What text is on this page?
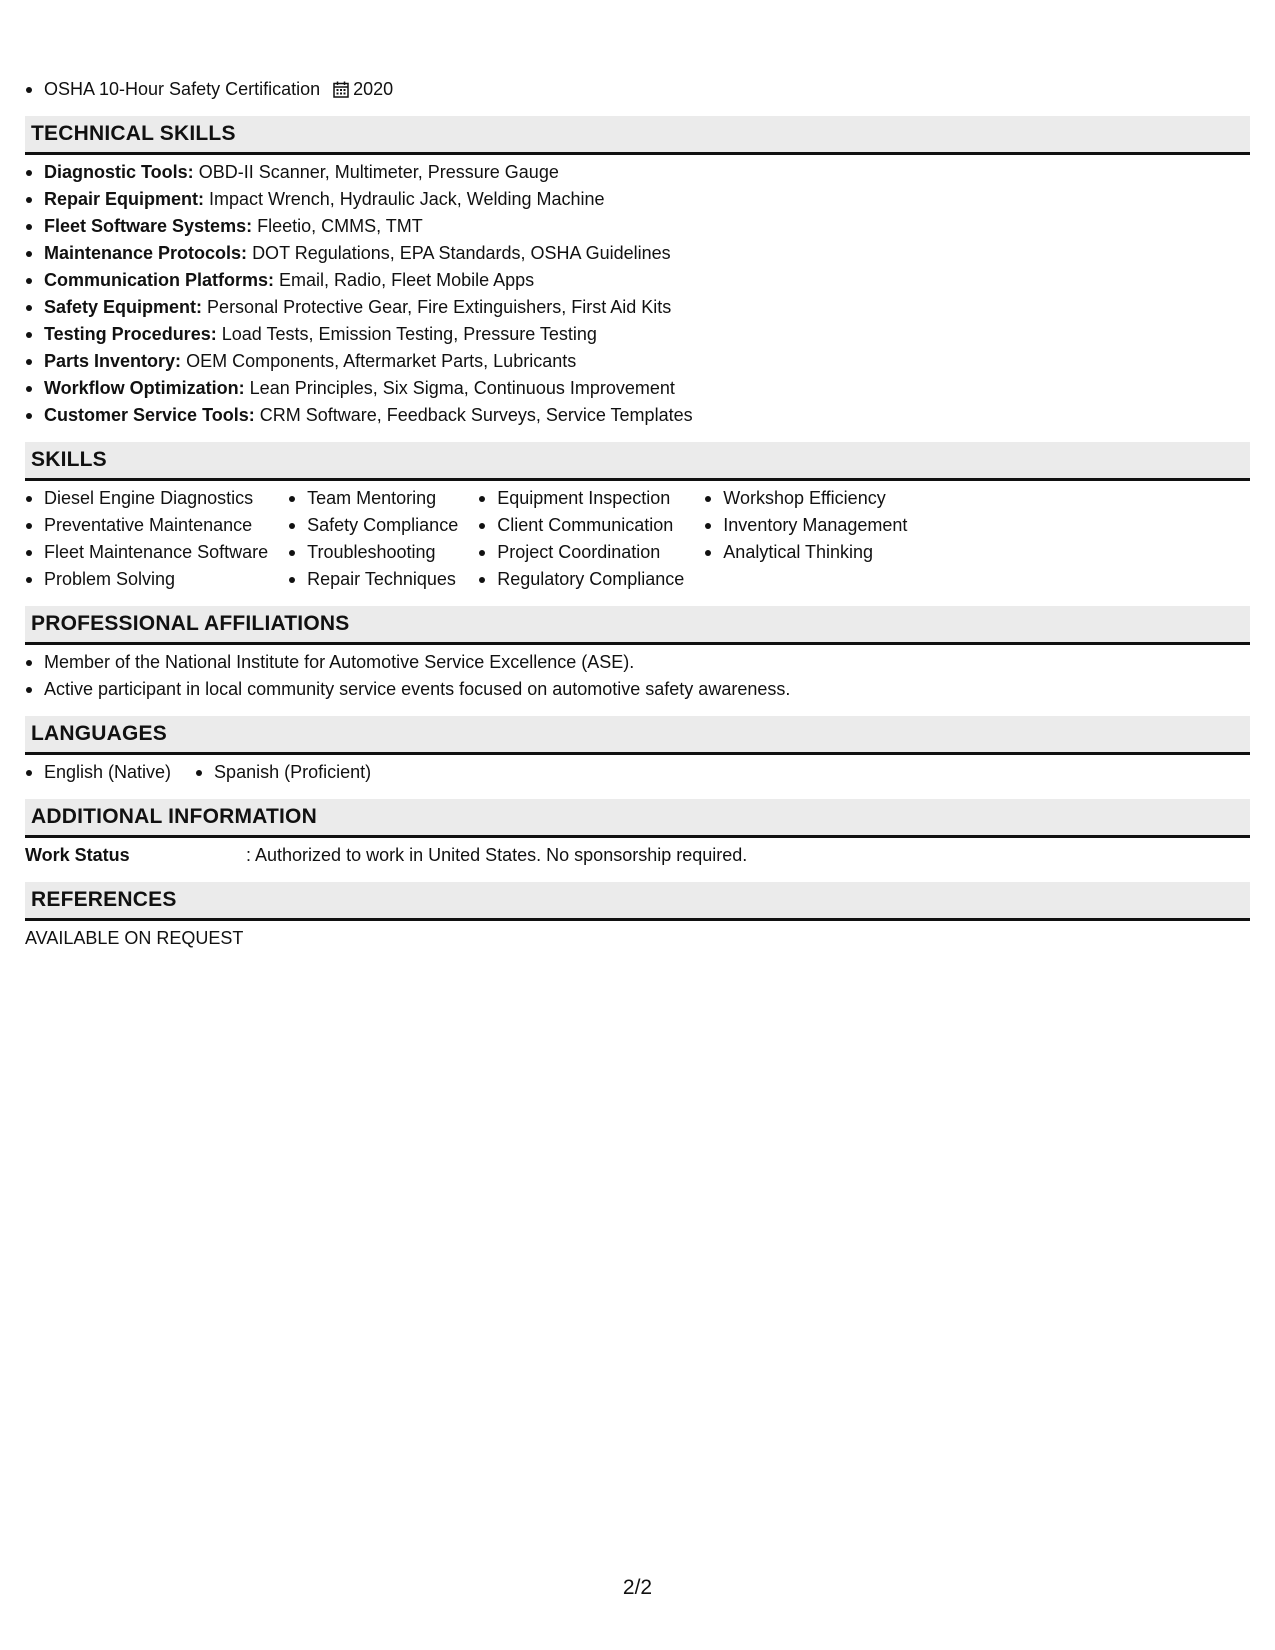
OSHA 10-Hour Safety Certification 2020
TECHNICAL SKILLS
Diagnostic Tools: OBD-II Scanner, Multimeter, Pressure Gauge
Repair Equipment: Impact Wrench, Hydraulic Jack, Welding Machine
Fleet Software Systems: Fleetio, CMMS, TMT
Maintenance Protocols: DOT Regulations, EPA Standards, OSHA Guidelines
Communication Platforms: Email, Radio, Fleet Mobile Apps
Safety Equipment: Personal Protective Gear, Fire Extinguishers, First Aid Kits
Testing Procedures: Load Tests, Emission Testing, Pressure Testing
Parts Inventory: OEM Components, Aftermarket Parts, Lubricants
Workflow Optimization: Lean Principles, Six Sigma, Continuous Improvement
Customer Service Tools: CRM Software, Feedback Surveys, Service Templates
SKILLS
Diesel Engine Diagnostics
Preventative Maintenance
Fleet Maintenance Software
Problem Solving
Team Mentoring
Safety Compliance
Troubleshooting
Repair Techniques
Equipment Inspection
Client Communication
Project Coordination
Regulatory Compliance
Workshop Efficiency
Inventory Management
Analytical Thinking
PROFESSIONAL AFFILIATIONS
Member of the National Institute for Automotive Service Excellence (ASE).
Active participant in local community service events focused on automotive safety awareness.
LANGUAGES
English (Native)	Spanish (Proficient)
ADDITIONAL INFORMATION
Work Status	: Authorized to work in United States. No sponsorship required.
REFERENCES
AVAILABLE ON REQUEST
2/2
